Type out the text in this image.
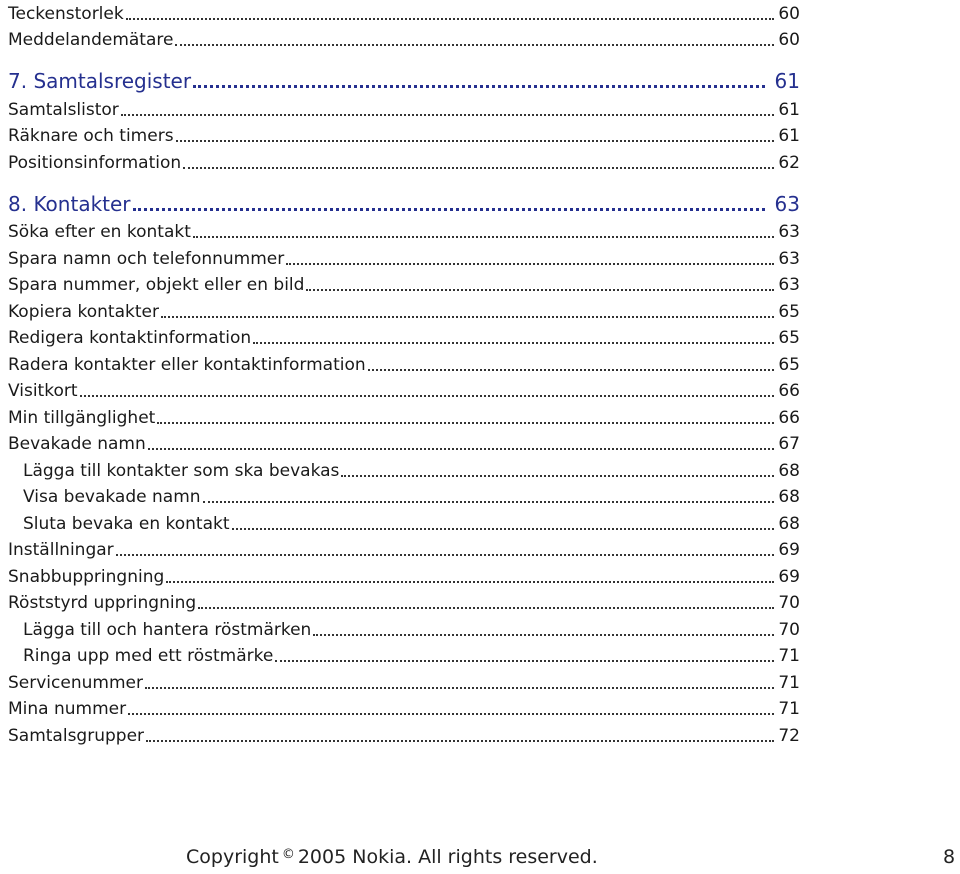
Teckenstorlek	60
Meddelandemätare	60
7. Samtalsregister	61
Samtalslistor	61
Räknare och timers	61
Positionsinformation	62
8. Kontakter	63
Söka efter en kontakt	63
Spara namn och telefonnummer	63
Spara nummer, objekt eller en bild	63
Kopiera kontakter	65
Redigera kontaktinformation	65
Radera kontakter eller kontaktinformation	65
Visitkort	66
Min tillgänglighet	66
Bevakade namn	67
Lägga till kontakter som ska bevakas	68
Visa bevakade namn	68
Sluta bevaka en kontakt	68
Inställningar	69
Snabbuppringning	69
Röststyrd uppringning	70
Lägga till och hantera röstmärken	70
Ringa upp med ett röstmärke	71
Servicenummer	71
Mina nummer	71
Samtalsgrupper	72
Copyright © 2005 Nokia. All rights reserved.	8
